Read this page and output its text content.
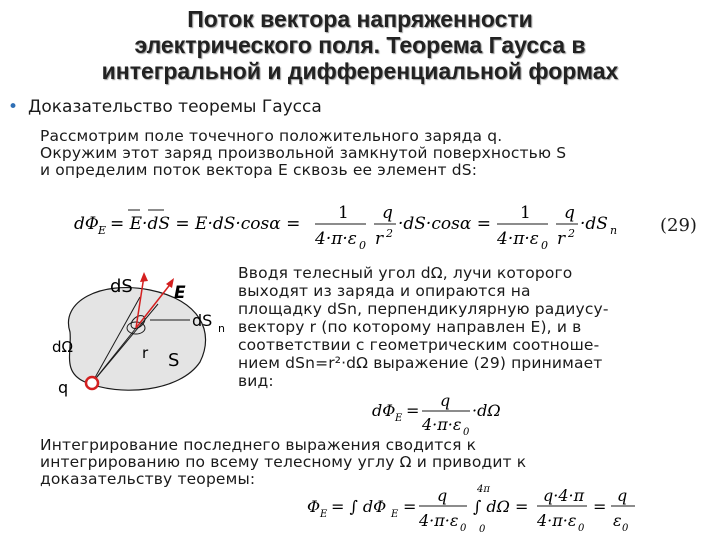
Поток вектора напряженности
электрического поля. Теорема Гаусса в
интегральной и дифференциальной формах
• Доказательство теоремы Гаусса
Рассмотрим поле точечного положительного заряда q.
Окружим этот заряд произвольной замкнутой поверхностью S
и определим поток вектора E сквозь ее элемент dS:
dΦ E = E·dS = E·dS·cosα =
1
4·π·ε 0
q
r 2 ·dS·cosα =
1
4·π·ε 0
q
r 2 ·dS n (29)
dS E
dS n
dΩ	r S
q
Вводя телесный угол dΩ, лучи которого
выходят из заряда и опираются на
площадку dSn, перпендикулярную радиусу-
вектору r (по которому направлен E), и в
соответствии с геометрическим соотноше-
нием dSn=r²·dΩ выражение (29) принимает
вид:
dΦ E =
q
4·π·ε 0
·dΩ
Интегрирование последнего выражения сводится к
интегрированию по всему телесному углу Ω и приводит к
доказательству теоремы:
Φ E = ∫ dΦ E =
q
4·π·ε 0
4π
0
∫ dΩ =
q·4·π
4·π·ε 0
=
q
ε 0
